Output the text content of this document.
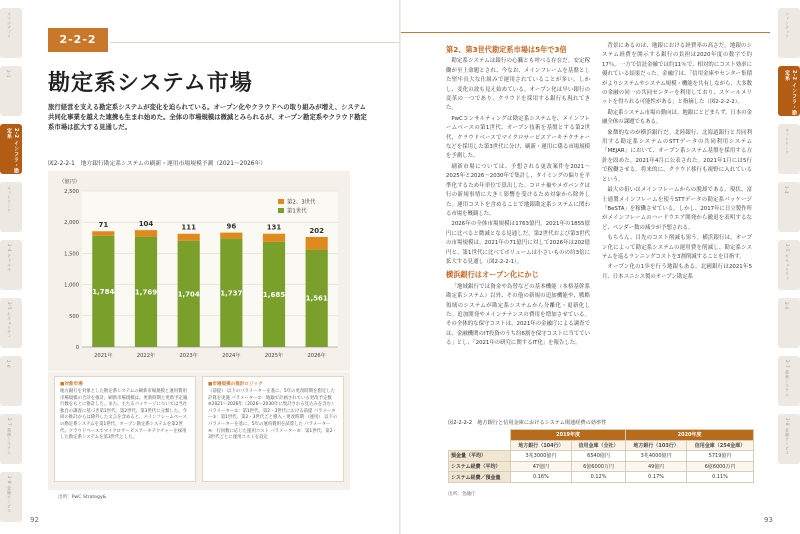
スマホアプリ
2-1
2-2 インフラ・勘定系
ネットワーク
2-4 チャネル
2-5 セキュリティ
2-6
2-7 業務システム
2-8 金融サービス
2-2-2
勘定系システム市場

旅行経営を支える勘定系システムが変化を迫られている。オープン化やクラウドへの取り組みが増え、システム共同化事業を越えた連携も生まれ始めた。全体の市場規模は微減とみられるが、オープン勘定系やクラウド勘定系市場は拡大する見通しだ。

図2-2-2-1　地方銀行勘定系システムの刷新・運用市場規模予測（2021～2026年）
（億円）
0
500
1,000
1,500
2,000
2,500
71
1,784
2021年
104
1,769
2022年
111
1,704
2023年
96
1,737
2024年
131
1,685
2025年
202
1,561
2026年
第2、3世代
第1世代
■対象市場
地方銀行を対象とした勘定系システムの刷新市場規模と運用費用市場規模の合計を推計。刷新市場規模は、更新時期と更新予定銀行数をもとに推計した。また、主たるパッケージについては当社独自の調査に基づき第1世代、第2世代、第3世代に分類した。今回の推計からは除外した文言を含めると、メインフレームベースの勘定系システムを第1世代、オープン勘定系システムを第2世代、クラウドベースでマイクロサービスアーキテクチャーを採用した勘定系システムを第3世代とした。
■市場規模の推計ロジック
（前提） 以下のパラメーターを基に、5年の更改時期を想定した計算を実施 パラメーター①：地銀で計画されている更改予定数 ※2021～2026年（2026～2030年に集計される見込みを含む） パラメーター②：第1世代、第2・3世代における前提 パラメーター③：第1世代、第2・3世代ごと導入・更改時期 （運用） 以下のパラメーターを基に、5年の運用費用を試算した パラメーター④：行員数に応じた運用コスト パラメーター⑤：第1世代、第2・3世代ごとに運用コストを設定
出所：PwC Strategy&
92
フィンテック
2-2 インフラ・勘定系
ネットワーク
2-4
2-5 セキュリティ
2-6
2-7 業務システム
2-8 金融サービス
第2、第3世代勘定系市場は5年で3倍

勘定系システムは銀行の心臓とも呼べる存在だ。安定稼働が至上命題とされ、今なお、メインフレームを基盤とした堅牢長大な仕組みで運用されていることが多い。しかし、変化の波も見え始めている。オープン化は早い銀行の変革の一つであり、クラウドを採用する銀行も現れてきた。

PwCコンサルティングは勘定系システムを、メインフレームベースの第1世代、オープン技術を基盤とする第2世代、クラウドベースでマイクロサービスアーキテクチャーなどを採用した第3世代に分け、刷新・運用に係る市場規模を予測した。

刷新市場については、予想される更改案件を2021～2025年と2026～2030年で集計し、タイミングの偏りを平準化するため年単位で算出した。コロナ禍やメガバンクは行の新規事情に大きく影響を受けるため対象から除外した。運用コストを含めることで地銀勘定系システムに関わる市場を概観した。

2026年の全体市場規模は1763億円。2021年の1855億円に比べると微減となる見通しだ。第2世代および第3世代の市場規模は、2021年の71億円に対して2026年は202億円と、第1世代に比べてボリュームは小さいものの約3倍に拡大する見通し（図2-2-2-1）。

横浜銀行はオープン化にかじ

「地域銀行では資金や為替などの基本機能（本格基幹系勘定系システム）以外、その他の新規の追加機能や、戦略領域のシステムが勘定系システムから分離化・更新化した。追加開発やメインテナンスの費用を増加させている。その全体的な保守コストは、2021年の金融庁による調査では、金融機関のIT投資のうち約6割を保守コストに当てている」とし、「2021年の研究に関するIT化」を報告した。

背景にあるのは、地銀における経費率の高さだ。地銀のシステム経費を開示する銀行の負担は2020年度の数字で約17％。一方で信託金融では約11％で、相対的にコスト効率に優れている結果だった。金融庁は、「信用金庫やセンター集積がよりシステムやシステム規模・機能を共有しながら、大多数の金融の同一の共同センターを利用しており、スケールメリットを得られる可能性がある」と指摘した（図2-2-2-2）。

勘定系システム市場の動向は、地銀にとどまらず、日本の金融全体の課題でもある。

象徴的なのが横浜銀行だ。北陸銀行、北海道銀行と共同利用する勘定系システムのSTTデータの共同利用システム「MEJAR」において、オープン系システム基盤を採用する方針を固めた。2021年4月に公表された。2021年1月には5行で稼働させる。将来的に、クラウド移行も視野に入れているという。

最大の狙いはメインフレームからの脱却である。現状、富士通製メインフレームを使うSTTデータの勘定系パッケージ「BeSTA」を稼働させている。しかし、2017年に日立製作所がメインフレームのハードウエア開発から撤退を表明するなど、ベンダー数の減少が予想される。

もちろん、目先のコスト削減も狙う。横浜銀行は、オープン化によって勘定系システムの運用費を削減し、勘定系システムを巡るランニングコストを3割削減することを目指す。

オープン化の1歩を行う地銀もある。北國銀行は2021年5月、日本ユニシス製のオープン勘定系

93
図2-2-2-2　地方銀行と信用金庫におけるシステム関連経費の効率性
	2019年度		2020年度	
	地方銀行（104行）	信用金庫（全社）	地方銀行（103行）	信用金庫（254金庫）
預金量（平均）	3兆3000億円	6540億円	3兆4000億円	5719億円
システム経費（平均）	47億円	6億6000万円	49億円	6億6000万円
システム経費／預金量	0.16%	0.12%	0.17%	0.11%
出所：金融庁
